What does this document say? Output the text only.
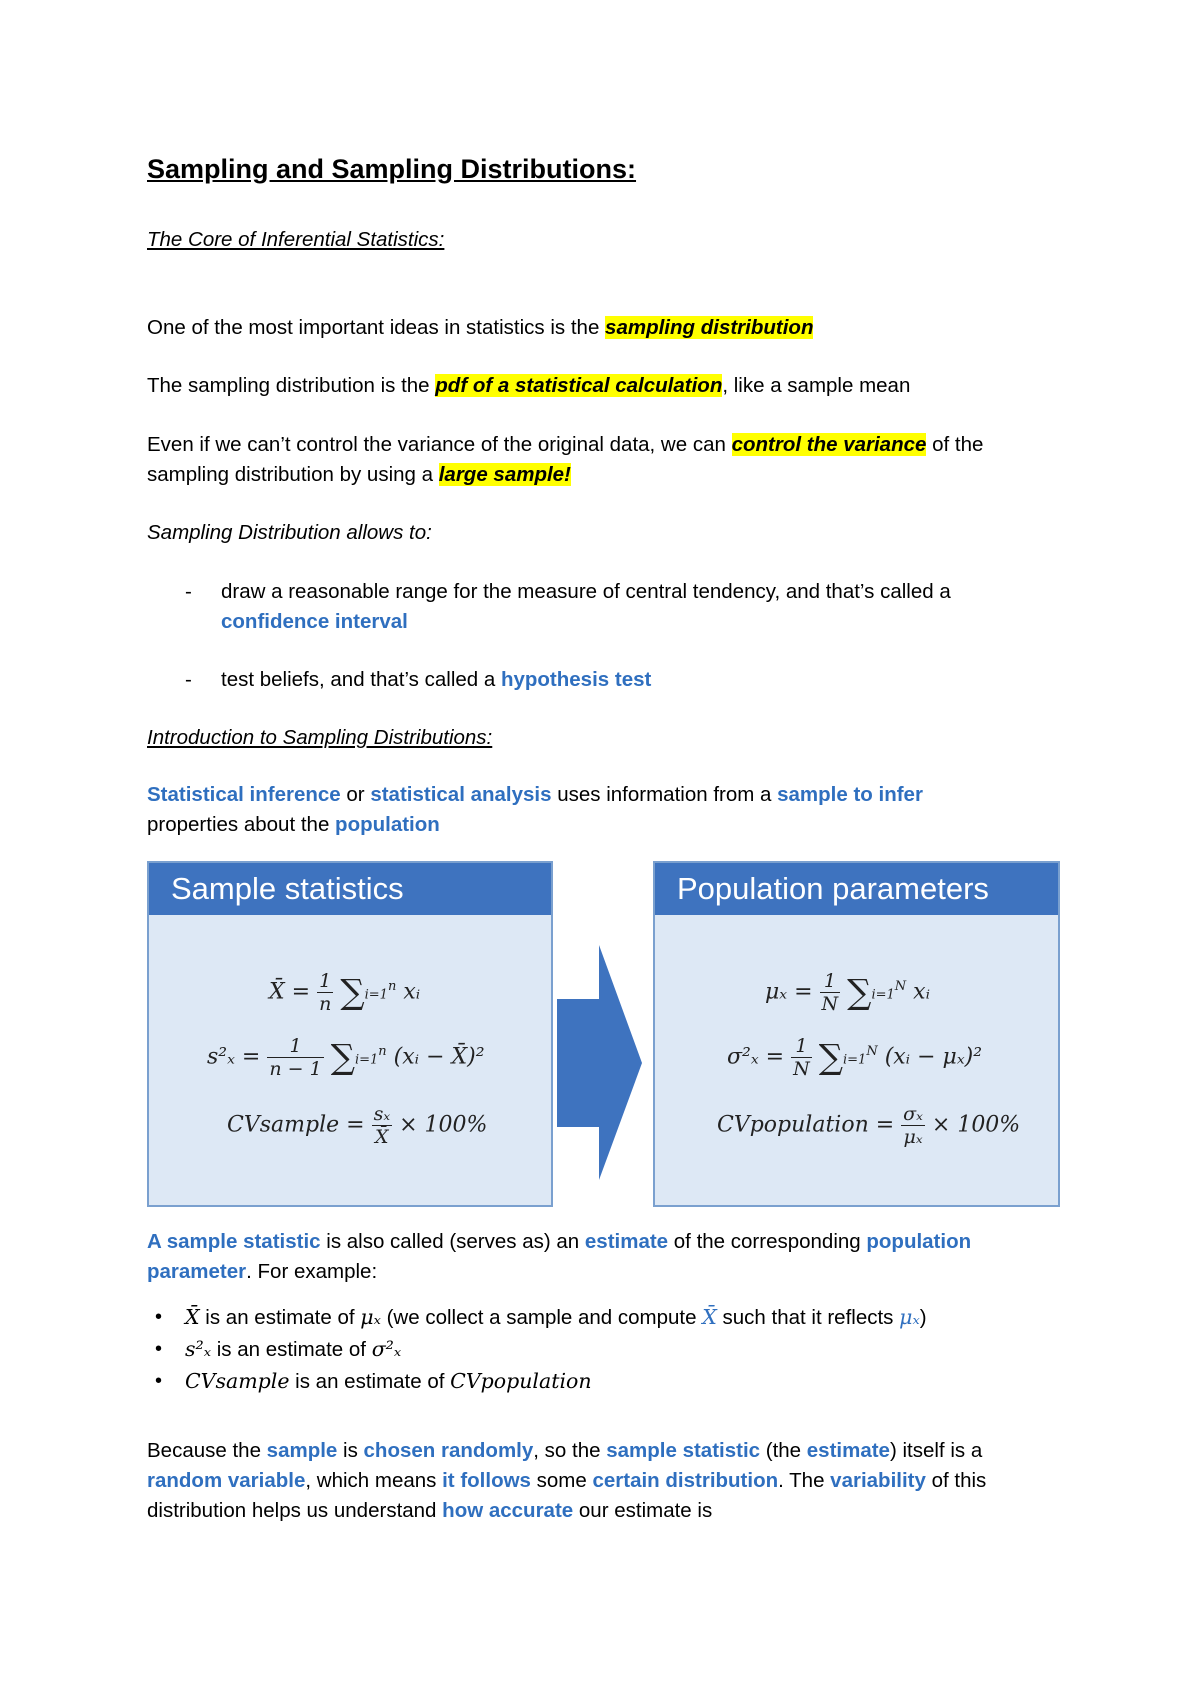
Sampling and Sampling Distributions:
The Core of Inferential Statistics:
One of the most important ideas in statistics is the sampling distribution
The sampling distribution is the pdf of a statistical calculation, like a sample mean
Even if we can’t control the variance of the original data, we can control the variance of the
sampling distribution by using a large sample!
Sampling Distribution allows to:
- draw a reasonable range for the measure of central tendency, and that’s called a
confidence interval
- test beliefs, and that’s called a hypothesis test
Introduction to Sampling Distributions:
Statistical inference or statistical analysis uses information from a sample to infer
properties about the population
Sample statistics
X̄ = $\frac{1}{n} \sum i=1^n$ xᵢ
$s^2_x = \frac{1}{n - 1} \sum i=1^n$ (xᵢ − X̄)²
CVsample = $\frac{\text{sₓ}}{X̄} \times 100\%$
Population parameters
$\mu_x = \frac{1}{N} \sum i=1^N$ xᵢ
$\sigma^2_x = \frac{1}{N} \sum i=1^N$ (xᵢ − μₓ)²
CVpopulation = $\frac{\text{σₓ}}{\text{μₓ}} \times 100\%$
A sample statistic is also called (serves as) an estimate of the corresponding population
parameter. For example:
• X̄ is an estimate of μₓ (we collect a sample and compute X̄ such that it reflects μₓ)
• s²ₓ is an estimate of σ²ₓ
• CVsample is an estimate of CVpopulation
Because the sample is chosen randomly, so the sample statistic (the estimate) itself is a
random variable, which means it follows some certain distribution. The variability of this
distribution helps us understand how accurate our estimate is
